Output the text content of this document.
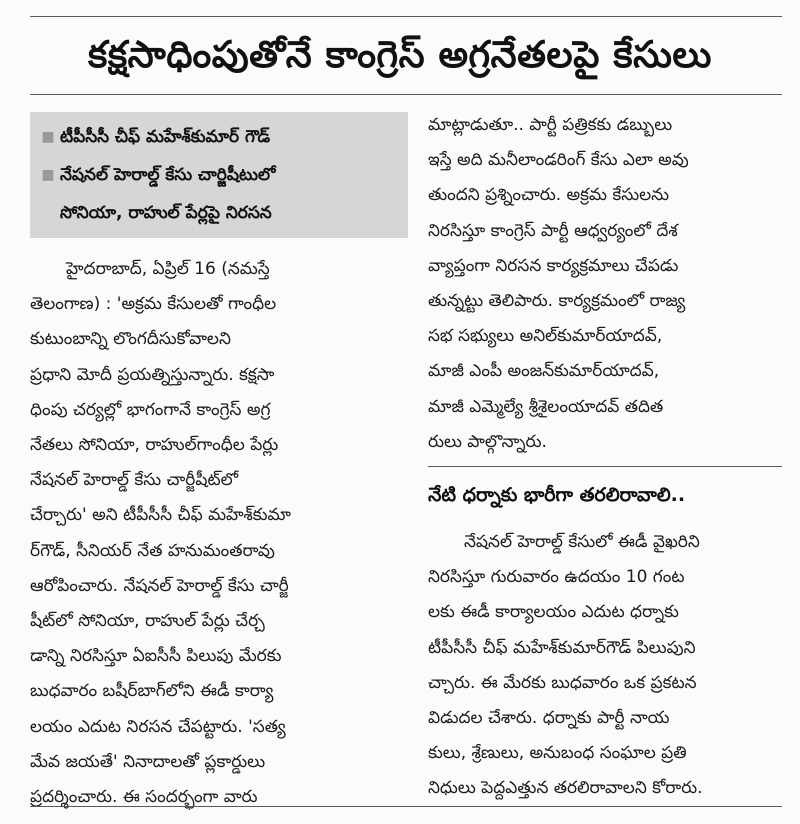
కక్షసాధింపుతోనే కాంగ్రెస్ అగ్రనేతలపై కేసులు
■ టీపీసీసీ చీఫ్ మహేశ్‌కుమార్ గౌడ్
■ నేషనల్ హెరాల్డ్ కేసు చార్జిషీటులో
సోనియా, రాహుల్ పేర్లపై నిరసన
హైదరాబాద్, ఏప్రిల్ 16 (నమస్తే
తెలంగాణ) : 'అక్రమ కేసులతో గాంధీల
కుటుంబాన్ని లొంగదీసుకోవాలని
ప్రధాని మోదీ ప్రయత్నిస్తున్నారు. కక్షసా
ధింపు చర్యల్లో భాగంగానే కాంగ్రెస్ అగ్ర
నేతలు సోనియా, రాహుల్‌గాంధీల పేర్లు
నేషనల్ హెరాల్డ్ కేసు చార్జీషీట్‌లో
చేర్చారు' అని టీపీసీసీ చీఫ్ మహేశ్‌కుమా
ర్‌గౌడ్, సీనియర్ నేత హనుమంతరావు
ఆరోపించారు. నేషనల్ హెరాల్డ్ కేసు చార్జీ
షీట్‌లో సోనియా, రాహుల్ పేర్లు చేర్చ
డాన్ని నిరసిస్తూ ఏఐసీసీ పిలుపు మేరకు
బుధవారం బషీర్‌బాగ్‌లోని ఈడీ కార్యా
లయం ఎదుట నిరసన చేపట్టారు. 'సత్య
మేవ జయతే' నినాదాలతో ప్లకార్డులు
ప్రదర్శించారు. ఈ సందర్భంగా వారు
మాట్లాడుతూ.. పార్టీ పత్రికకు డబ్బులు
ఇస్తే అది మనీలాండరింగ్ కేసు ఎలా అవు
తుందని ప్రశ్నించారు. అక్రమ కేసులను
నిరసిస్తూ కాంగ్రెస్ పార్టీ ఆధ్వర్యంలో దేశ
వ్యాప్తంగా నిరసన కార్యక్రమాలు చేపడు
తున్నట్టు తెలిపారు. కార్యక్రమంలో రాజ్య
సభ సభ్యులు అనిల్‌కుమార్‌యాదవ్,
మాజీ ఎంపీ అంజన్‌కుమార్‌యాదవ్,
మాజీ ఎమ్మెల్యే శ్రీశైలంయాదవ్ తదిత
రులు పాల్గొన్నారు.
నేటి ధర్నాకు భారీగా తరలిరావాలి..
నేషనల్ హెరాల్డ్ కేసులో ఈడీ వైఖరిని
నిరసిస్తూ గురువారం ఉదయం 10 గంట
లకు ఈడీ కార్యాలయం ఎదుట ధర్నాకు
టీపీసీసీ చీఫ్ మహేశ్‌కుమార్‌గౌడ్ పిలుపుని
చ్చారు. ఈ మేరకు బుధవారం ఒక ప్రకటన
విడుదల చేశారు. ధర్నాకు పార్టీ నాయ
కులు, శ్రేణులు, అనుబంధ సంఘాల ప్రతి
నిధులు పెద్దఎత్తున తరలిరావాలని కోరారు.
